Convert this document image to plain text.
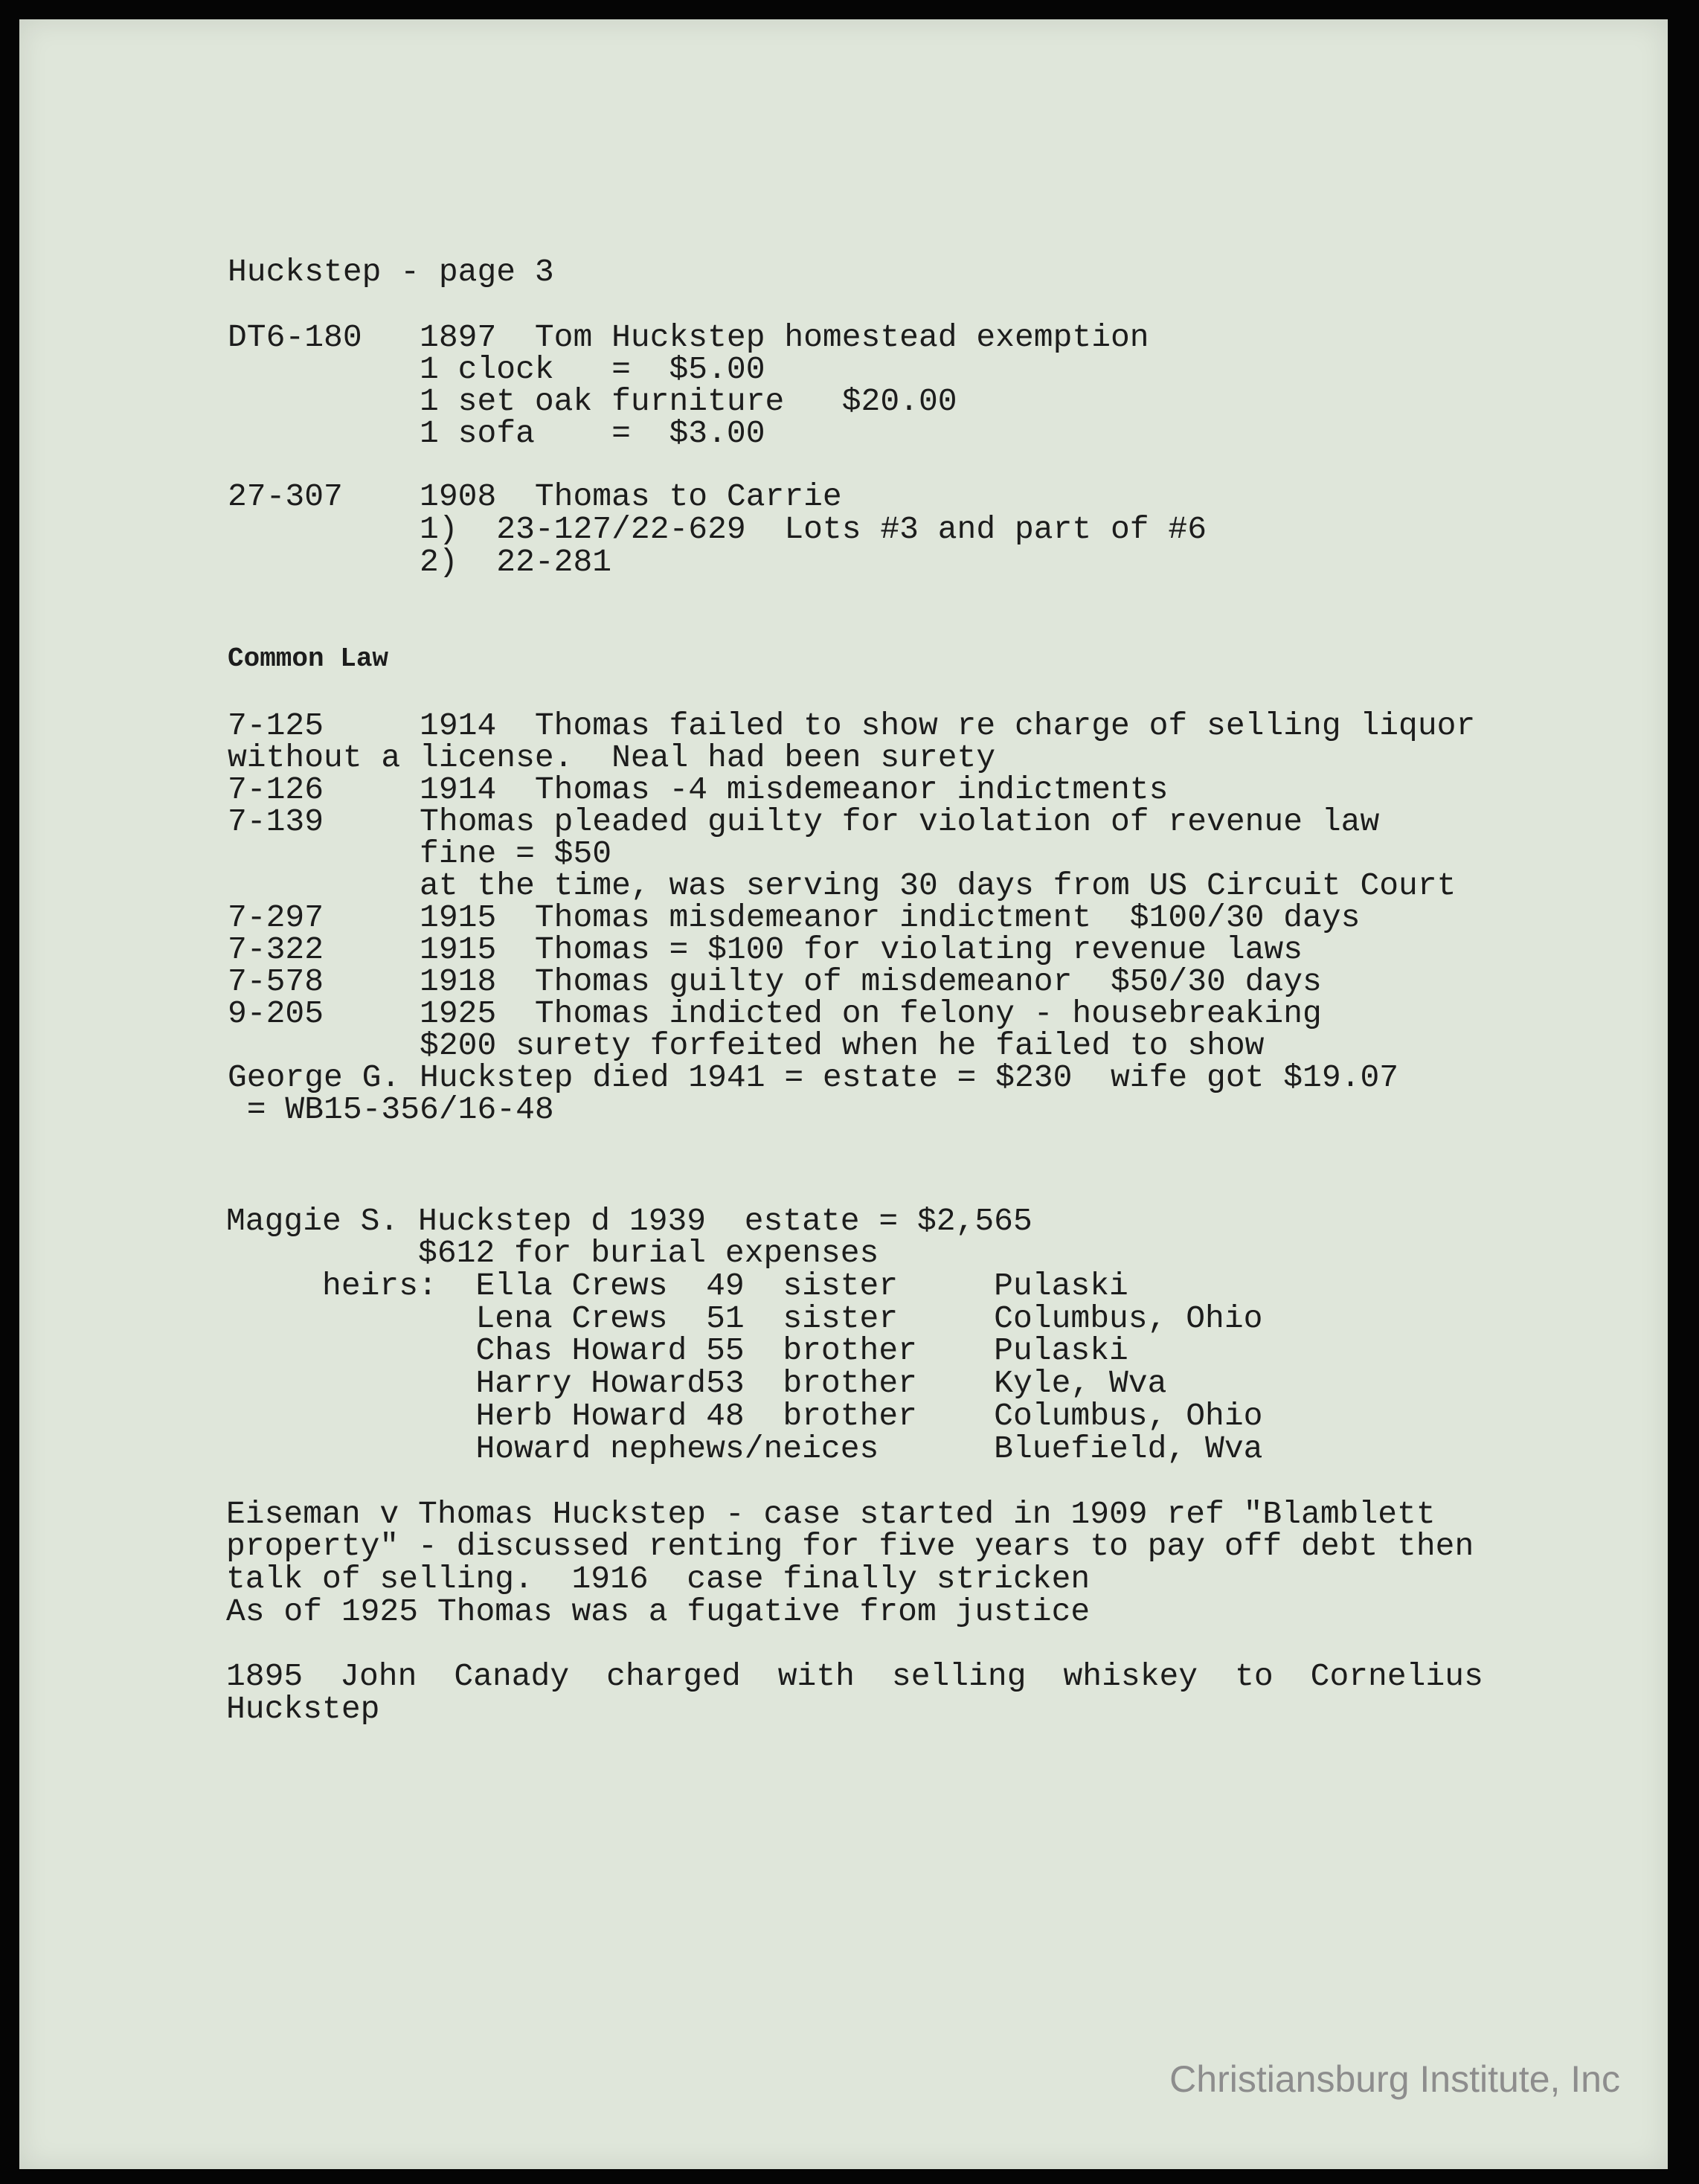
Huckstep - page 3

DT6-180   1897  Tom Huckstep homestead exemption

1 clock   =  $5.00

1 set oak furniture   $20.00

1 sofa    =  $3.00

27-307    1908  Thomas to Carrie

1)  23-127/22-629  Lots #3 and part of #6

2)  22-281

Common Law

7-125     1914  Thomas failed to show re charge of selling liquor

without a license.  Neal had been surety

7-126     1914  Thomas -4 misdemeanor indictments

7-139     Thomas pleaded guilty for violation of revenue law

fine = $50

at the time, was serving 30 days from US Circuit Court

7-297     1915  Thomas misdemeanor indictment  $100/30 days

7-322     1915  Thomas = $100 for violating revenue laws

7-578     1918  Thomas guilty of misdemeanor  $50/30 days

9-205     1925  Thomas indicted on felony - housebreaking

$200 surety forfeited when he failed to show

George G. Huckstep died 1941 = estate = $230  wife got $19.07

= WB15-356/16-48

Maggie S. Huckstep d 1939  estate = $2,565

$612 for burial expenses

heirs:  Ella Crews  49  sister     Pulaski

Lena Crews  51  sister     Columbus, Ohio

Chas Howard 55  brother    Pulaski

Harry Howard53  brother    Kyle, Wva

Herb Howard 48  brother    Columbus, Ohio

Howard nephews/neices      Bluefield, Wva

Eiseman v Thomas Huckstep - case started in 1909 ref "Blamblett

property" - discussed renting for five years to pay off debt then

talk of selling.  1916  case finally stricken

As of 1925 Thomas was a fugative from justice

1895 John Canady charged with selling whiskey to Cornelius

Huckstep

Christiansburg Institute, Inc
